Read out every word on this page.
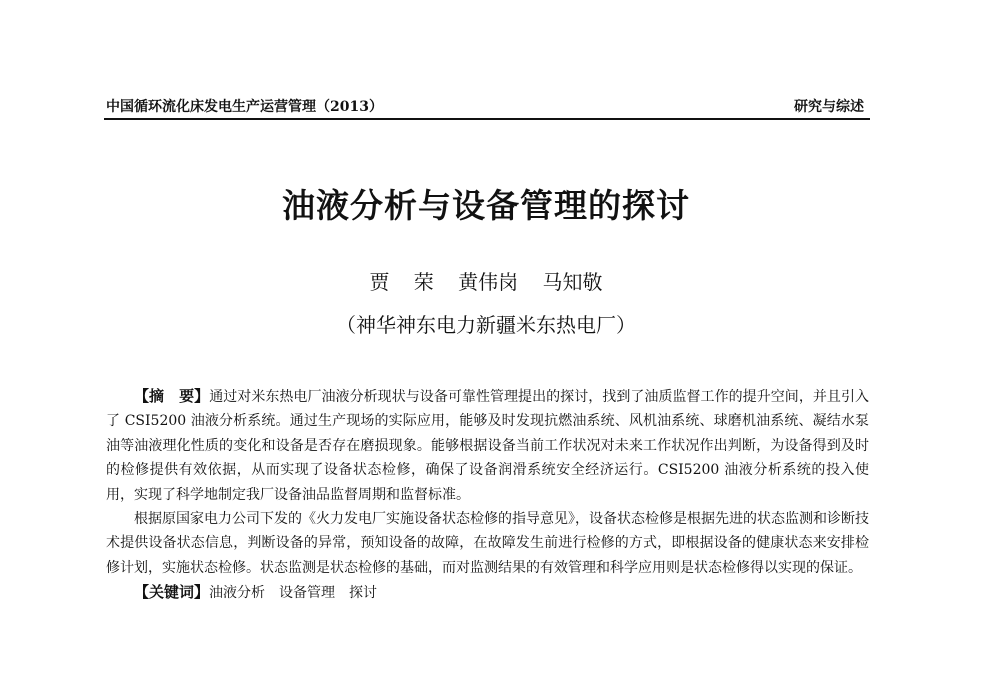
中国循环流化床发电生产运营管理（2013）	研究与综述
油液分析与设备管理的探讨
贾 荣 黄伟岗 马知敬
（神华神东电力新疆米东热电厂）

【摘　要】通过对米东热电厂油液分析现状与设备可靠性管理提出的探讨，找到了油质监督工作的提升空间，并且引入了 CSI5200 油液分析系统。通过生产现场的实际应用，能够及时发现抗燃油系统、风机油系统、球磨机油系统、凝结水泵油等油液理化性质的变化和设备是否存在磨损现象。能够根据设备当前工作状况对未来工作状况作出判断，为设备得到及时的检修提供有效依据，从而实现了设备状态检修，确保了设备润滑系统安全经济运行。CSI5200 油液分析系统的投入使用，实现了科学地制定我厂设备油品监督周期和监督标准。

根据原国家电力公司下发的《火力发电厂实施设备状态检修的指导意见》，设备状态检修是根据先进的状态监测和诊断技术提供设备状态信息，判断设备的异常，预知设备的故障，在故障发生前进行检修的方式，即根据设备的健康状态来安排检修计划，实施状态检修。状态监测是状态检修的基础，而对监测结果的有效管理和科学应用则是状态检修得以实现的保证。

【关键词】油液分析 设备管理 探讨
